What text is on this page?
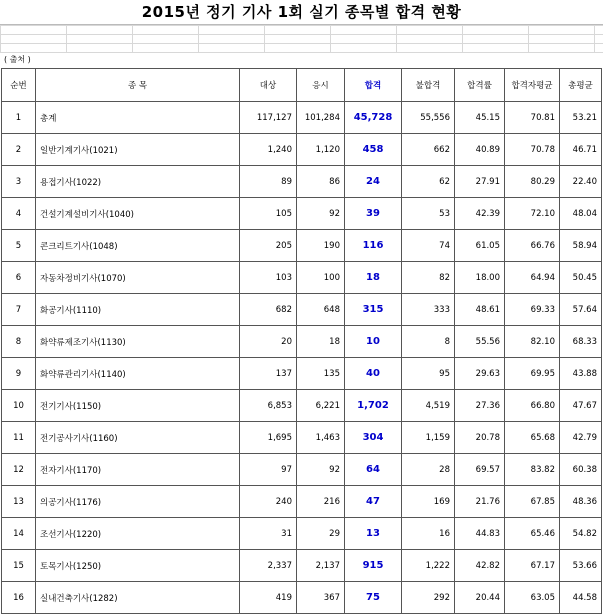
2015년 정기 기사 1회 실기 종목별 합격 현황
( 출처 )
순번	종 목	대상	응시	합격	불합격	합격률	합격자평균	총평균
1	총계	117,127	101,284	45,728	55,556	45.15	70.81	53.21
2	일반기계기사(1021)	1,240	1,120	458	662	40.89	70.78	46.71
3	용접기사(1022)	89	86	24	62	27.91	80.29	22.40
4	건설기계설비기사(1040)	105	92	39	53	42.39	72.10	48.04
5	콘크리트기사(1048)	205	190	116	74	61.05	66.76	58.94
6	자동차정비기사(1070)	103	100	18	82	18.00	64.94	50.45
7	화공기사(1110)	682	648	315	333	48.61	69.33	57.64
8	화약류제조기사(1130)	20	18	10	8	55.56	82.10	68.33
9	화약류관리기사(1140)	137	135	40	95	29.63	69.95	43.88
10	전기기사(1150)	6,853	6,221	1,702	4,519	27.36	66.80	47.67
11	전기공사기사(1160)	1,695	1,463	304	1,159	20.78	65.68	42.79
12	전자기사(1170)	97	92	64	28	69.57	83.82	60.38
13	의공기사(1176)	240	216	47	169	21.76	67.85	48.36
14	조선기사(1220)	31	29	13	16	44.83	65.46	54.82
15	토목기사(1250)	2,337	2,137	915	1,222	42.82	67.17	53.66
16	실내건축기사(1282)	419	367	75	292	20.44	63.05	44.58
